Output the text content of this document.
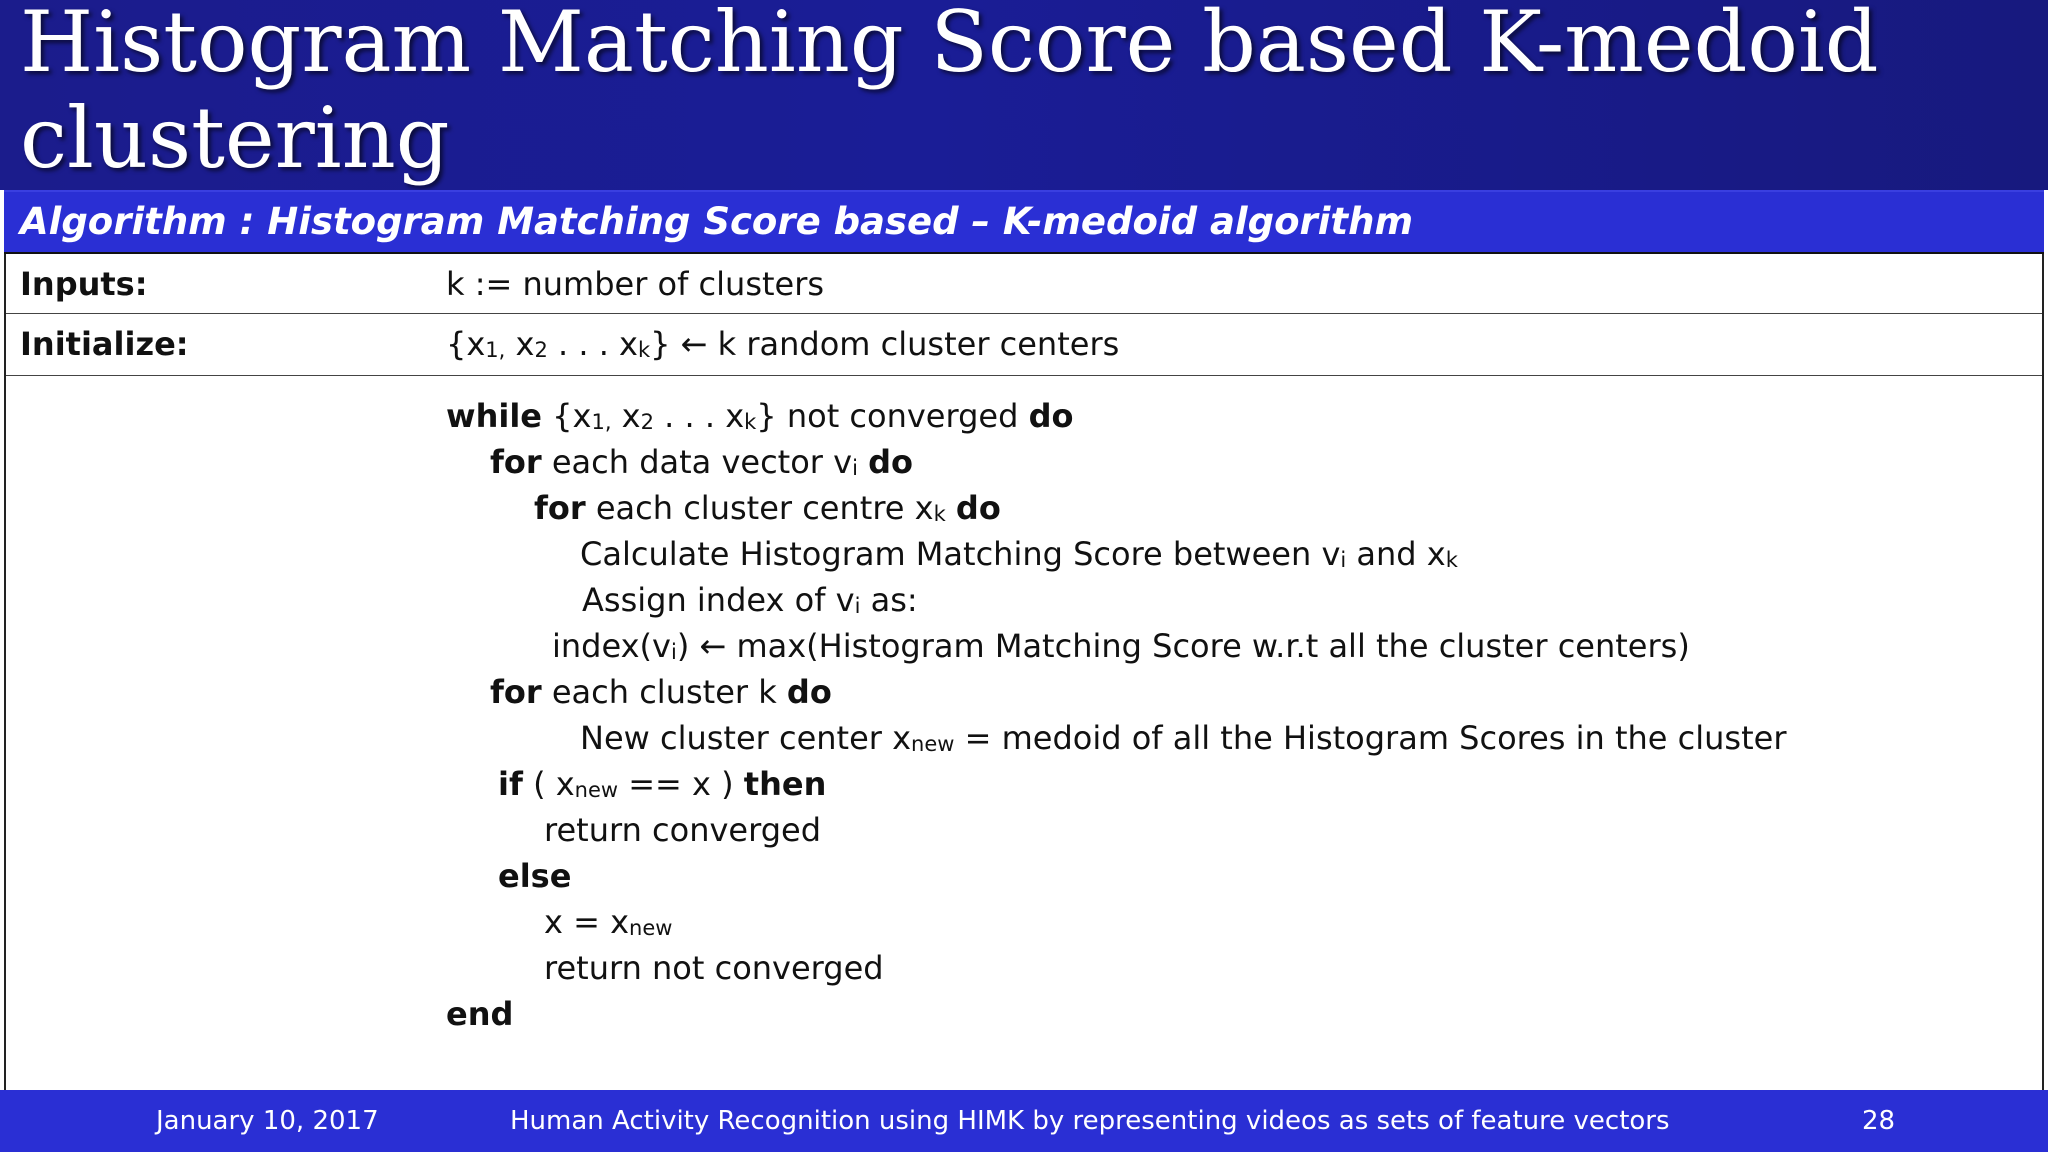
Histogram Matching Score based K-medoid clustering
Algorithm : Histogram Matching Score based – K-medoid algorithm
Inputs:	k := number of clusters
Initialize:	{$x_{1,}$ $x_2$ . . . $x_k$} ← k random cluster centers
while {$x_{1,}$ $x_2$ . . . $x_k$} not converged do
for each data vector $v_i$ do
for each cluster centre $x_k$ do
Calculate Histogram Matching Score between $v_i$ and $x_k$
Assign index of $v_i$ as:
$index(v_i)$ ← max(Histogram Matching Score w.r.t all the cluster centers)
for each cluster k do
New cluster center $x_{new}$ = medoid of all the Histogram Scores in the cluster
if ( $x_{new} == x$ ) then
return converged
else
$x = x_{new}$
return not converged
end
January 10, 2017	Human Activity Recognition using HIMK by representing videos as sets of feature vectors	28
